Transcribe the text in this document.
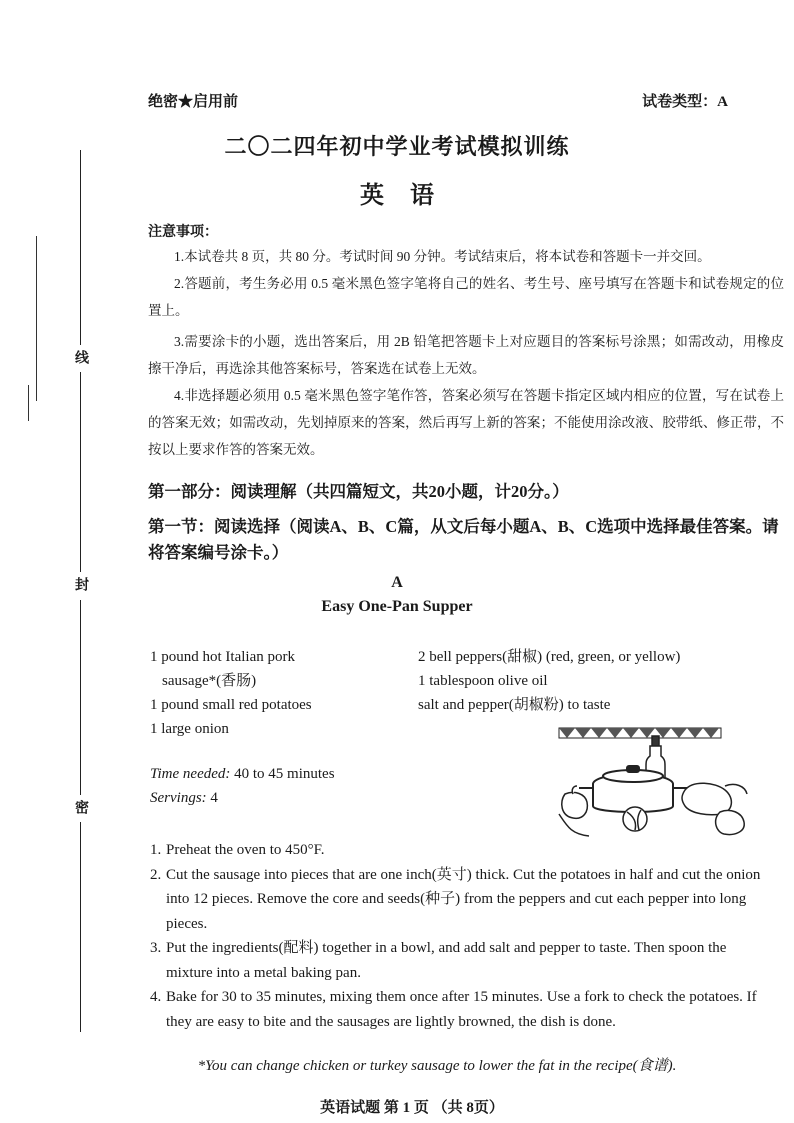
线
封
密
绝密★启用前	试卷类型：A
二〇二四年初中学业考试模拟训练
英语
注意事项：
1.本试卷共 8 页，共 80 分。考试时间 90 分钟。考试结束后，将本试卷和答题卡一并交回。
2.答题前，考生务必用 0.5 毫米黑色签字笔将自己的姓名、考生号、座号填写在答题卡和试卷规定的位置上。
3.需要涂卡的小题，选出答案后，用 2B 铅笔把答题卡上对应题目的答案标号涂黑；如需改动，用橡皮擦干净后，再选涂其他答案标号，答案选在试卷上无效。
4.非选择题必须用 0.5 毫米黑色签字笔作答，答案必须写在答题卡指定区域内相应的位置，写在试卷上的答案无效；如需改动，先划掉原来的答案，然后再写上新的答案；不能使用涂改液、胶带纸、修正带，不按以上要求作答的答案无效。
第一部分：阅读理解（共四篇短文，共20小题，计20分。）
第一节：阅读选择（阅读A、B、C篇，从文后每小题A、B、C选项中选择最佳答案。请将答案编号涂卡。）
A
Easy One-Pan Supper
1 pound hot Italian pork
sausage*(香肠)
1 pound small red potatoes
1 large onion
2 bell peppers(甜椒) (red, green, or yellow)
1 tablespoon olive oil
salt and pepper(胡椒粉) to taste
Time needed: 40 to 45 minutes
Servings: 4
1. Preheat the oven to 450°F.
2. Cut the sausage into pieces that are one inch(英寸) thick. Cut the potatoes in half and cut the onion into 12 pieces. Remove the core and seeds(种子) from the peppers and cut each pepper into long pieces.
3. Put the ingredients(配料) together in a bowl, and add salt and pepper to taste. Then spoon the mixture into a metal baking pan.
4. Bake for 30 to 35 minutes, mixing them once after 15 minutes. Use a fork to check the potatoes. If they are easy to bite and the sausages are lightly browned, the dish is done.
*You can change chicken or turkey sausage to lower the fat in the recipe(食谱).
英语试题 第 1 页 （共 8页）
